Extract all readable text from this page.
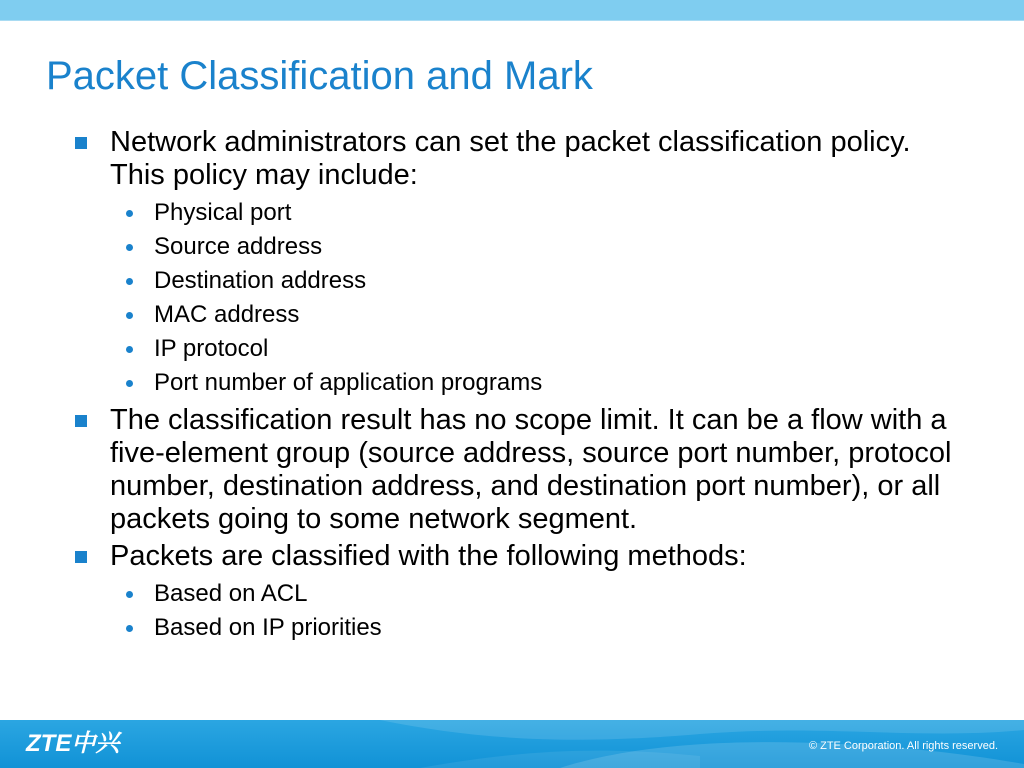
Packet Classification and Mark
Network administrators can set the packet classification policy. This policy may include:
Physical port
Source address
Destination address
MAC address
IP protocol
Port number of application programs
The classification result has no scope limit. It can be a flow with a five-element group (source address, source port number, protocol number, destination address, and destination port number), or all packets going to some network segment.
Packets are classified with the following methods:
Based on ACL
Based on IP priorities
ZTE中兴	© ZTE Corporation. All rights reserved.
